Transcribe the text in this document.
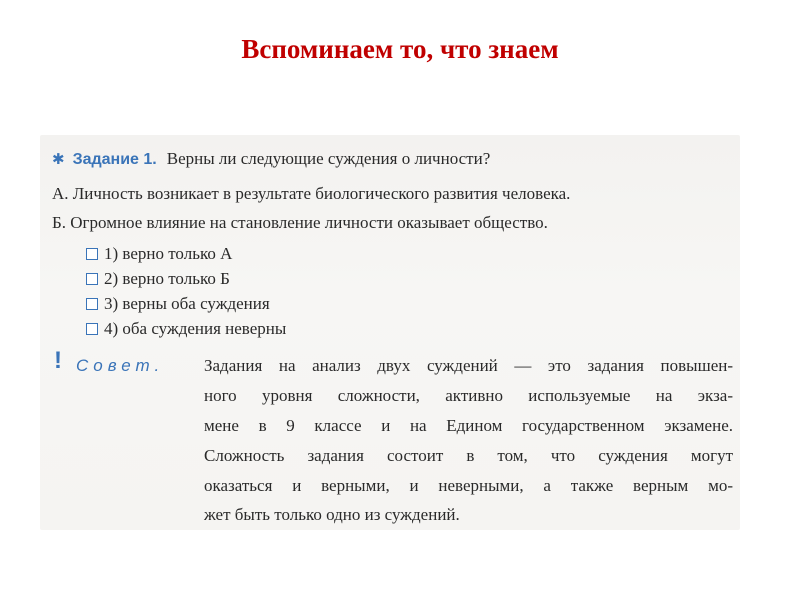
Вспоминаем то, что знаем
✱ Задание 1. Верны ли следующие суждения о личности?
А. Личность возникает в результате биологического развития человека.
Б. Огромное влияние на становление личности оказывает общество.
1) верно только А
2) верно только Б
3) верны оба суждения
4) оба суждения неверны
! Совет. Задания на анализ двух суждений — это задания повышен-
ного уровня сложности, активно используемые на экза-
мене в 9 классе и на Едином государственном экзамене.
Сложность задания состоит в том, что суждения могут
оказаться и верными, и неверными, а также верным мо-
жет быть только одно из суждений.
